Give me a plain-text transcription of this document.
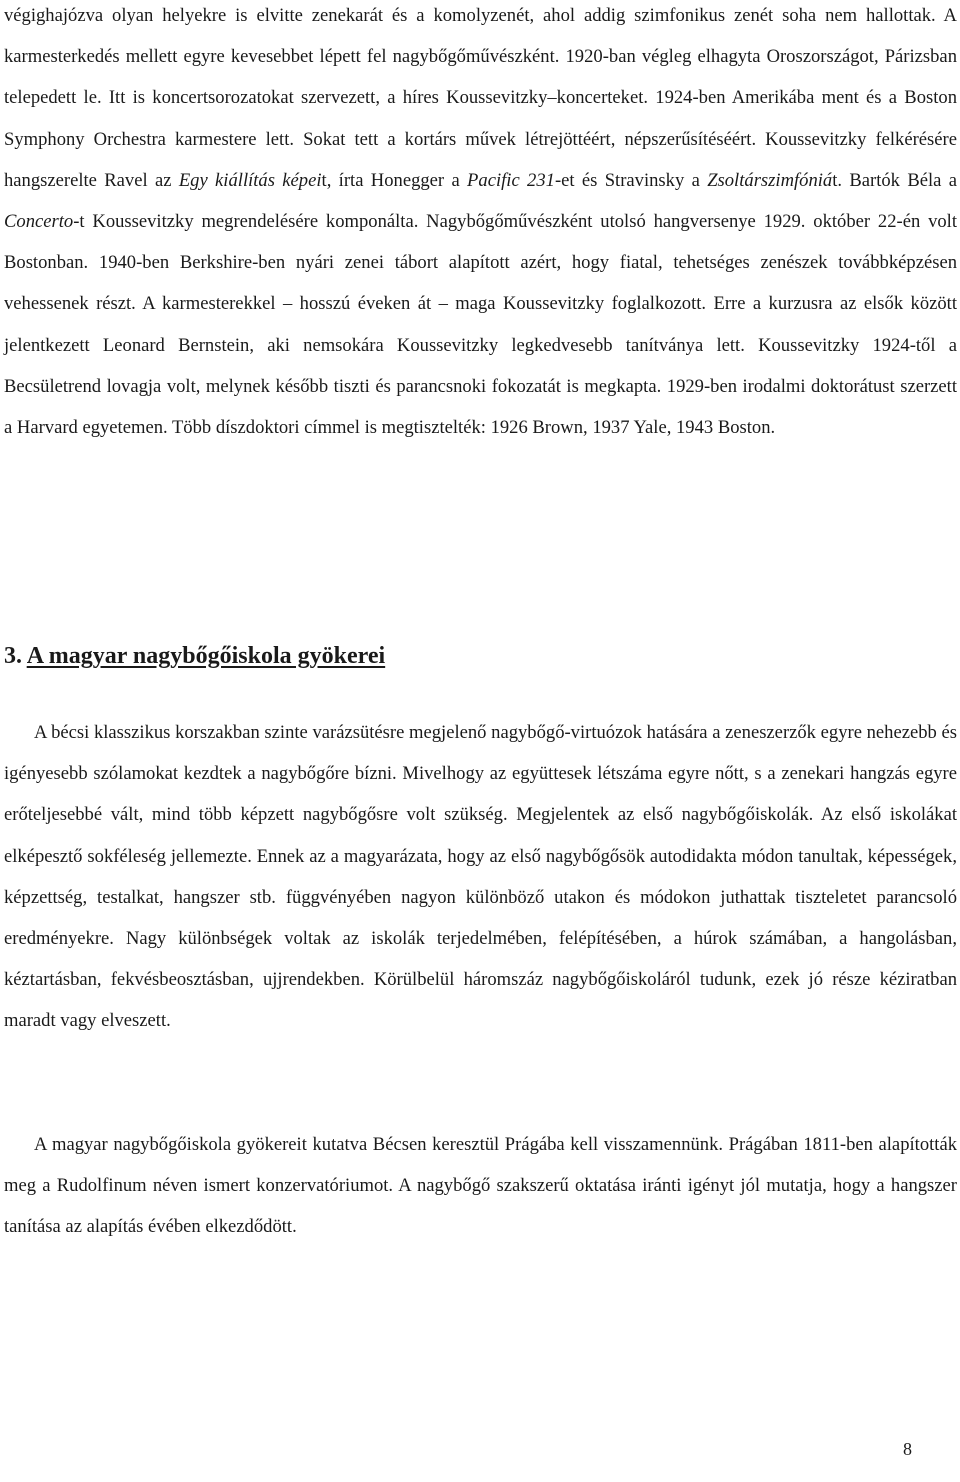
végighajózva olyan helyekre is elvitte zenekarát és a komolyzenét, ahol addig szimfonikus zenét soha nem hallottak. A karmesterkedés mellett egyre kevesebbet lépett fel nagybőgőművészként. 1920-ban végleg elhagyta Oroszországot, Párizsban telepedett le. Itt is koncertsorozatokat szervezett, a híres Koussevitzky–koncerteket. 1924-ben Amerikába ment és a Boston Symphony Orchestra karmestere lett. Sokat tett a kortárs művek létrejöttéért, népszerűsítéséért. Koussevitzky felkérésére hangszerelte Ravel az Egy kiállítás képeit, írta Honegger a Pacific 231-et és Stravinsky a Zsoltárszimfóniát. Bartók Béla a Concerto-t Koussevitzky megrendelésére komponálta. Nagybőgőművészként utolsó hangversenye 1929. október 22-én volt Bostonban. 1940-ben Berkshire-ben nyári zenei tábort alapított azért, hogy fiatal, tehetséges zenészek továbbképzésen vehessenek részt. A karmesterekkel – hosszú éveken át – maga Koussevitzky foglalkozott. Erre a kurzusra az elsők között jelentkezett Leonard Bernstein, aki nemsokára Koussevitzky legkedvesebb tanítványa lett. Koussevitzky 1924-től a Becsületrend lovagja volt, melynek később tiszti és parancsnoki fokozatát is megkapta. 1929-ben irodalmi doktorátust szerzett a Harvard egyetemen. Több díszdoktori címmel is megtisztelték: 1926 Brown, 1937 Yale, 1943 Boston.
3. A magyar nagybőgőiskola gyökerei

A bécsi klasszikus korszakban szinte varázsütésre megjelenő nagybőgő-virtuózok hatására a zeneszerzők egyre nehezebb és igényesebb szólamokat kezdtek a nagybőgőre bízni. Mivelhogy az együttesek létszáma egyre nőtt, s a zenekari hangzás egyre erőteljesebbé vált, mind több képzett nagybőgősre volt szükség. Megjelentek az első nagybőgőiskolák. Az első iskolákat elképesztő sokféleség jellemezte. Ennek az a magyarázata, hogy az első nagybőgősök autodidakta módon tanultak, képességek, képzettség, testalkat, hangszer stb. függvényében nagyon különböző utakon és módokon juthattak tiszteletet parancsoló eredményekre. Nagy különbségek voltak az iskolák terjedelmében, felépítésében, a húrok számában, a hangolásban, kéztartásban, fekvésbeosztásban, ujjrendekben. Körülbelül háromszáz nagybőgőiskoláról tudunk, ezek jó része kéziratban maradt vagy elveszett.

A magyar nagybőgőiskola gyökereit kutatva Bécsen keresztül Prágába kell visszamennünk. Prágában 1811-ben alapították meg a Rudolfinum néven ismert konzervatóriumot. A nagybőgő szakszerű oktatása iránti igényt jól mutatja, hogy a hangszer tanítása az alapítás évében elkezdődött.

8
